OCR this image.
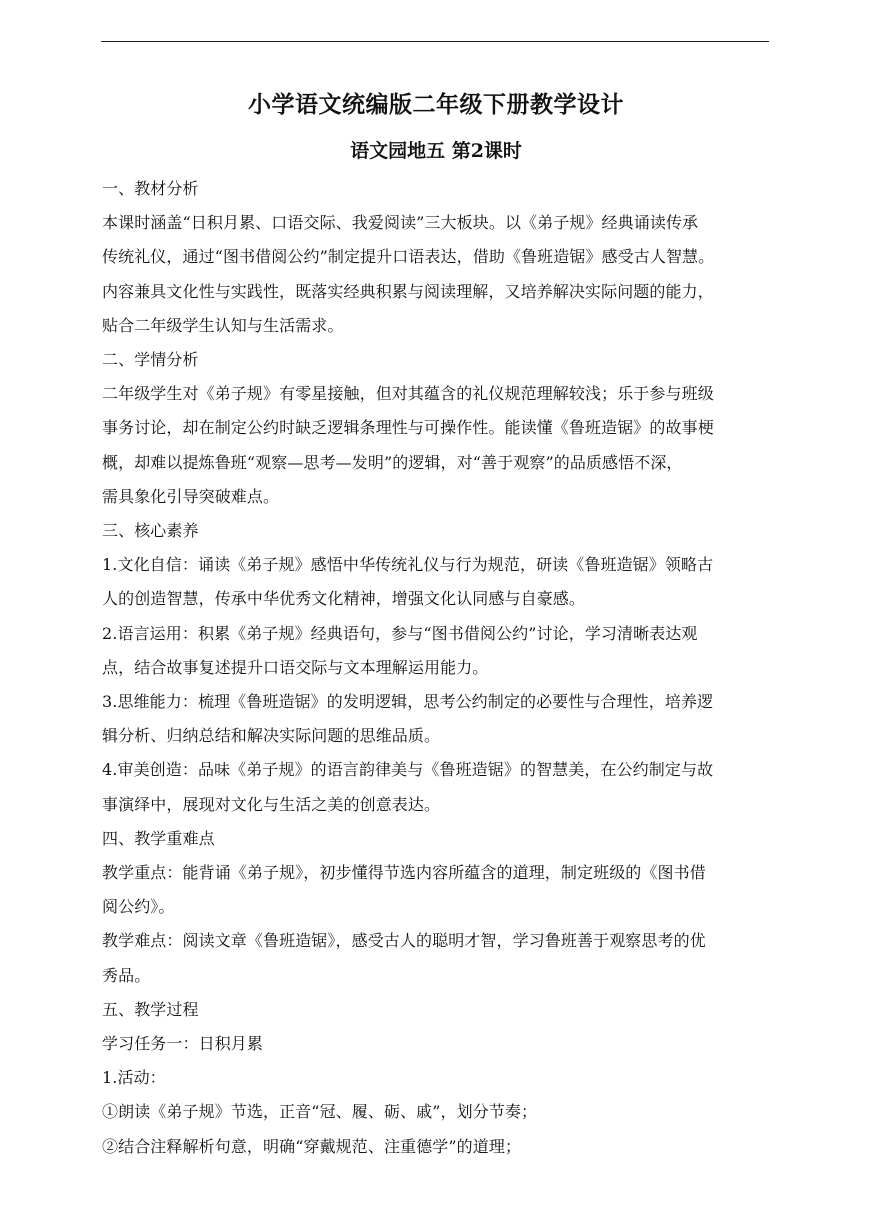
小学语文统编版二年级下册教学设计
语文园地五 第2课时

一、教材分析

本课时涵盖“日积月累、口语交际、我爱阅读”三大板块。以《弟子规》经典诵读传承

传统礼仪，通过“图书借阅公约”制定提升口语表达，借助《鲁班造锯》感受古人智慧。

内容兼具文化性与实践性，既落实经典积累与阅读理解，又培养解决实际问题的能力，

贴合二年级学生认知与生活需求。

二、学情分析

二年级学生对《弟子规》有零星接触，但对其蕴含的礼仪规范理解较浅；乐于参与班级

事务讨论，却在制定公约时缺乏逻辑条理性与可操作性。能读懂《鲁班造锯》的故事梗

概，却难以提炼鲁班“观察—思考—发明”的逻辑，对“善于观察”的品质感悟不深，

需具象化引导突破难点。

三、核心素养

1.文化自信：诵读《弟子规》感悟中华传统礼仪与行为规范，研读《鲁班造锯》领略古

人的创造智慧，传承中华优秀文化精神，增强文化认同感与自豪感。

2.语言运用：积累《弟子规》经典语句，参与“图书借阅公约”讨论，学习清晰表达观

点，结合故事复述提升口语交际与文本理解运用能力。

3.思维能力：梳理《鲁班造锯》的发明逻辑，思考公约制定的必要性与合理性，培养逻

辑分析、归纳总结和解决实际问题的思维品质。

4.审美创造：品味《弟子规》的语言韵律美与《鲁班造锯》的智慧美，在公约制定与故

事演绎中，展现对文化与生活之美的创意表达。

四、教学重难点

教学重点：能背诵《弟子规》，初步懂得节选内容所蕴含的道理，制定班级的《图书借

阅公约》。

教学难点：阅读文章《鲁班造锯》，感受古人的聪明才智，学习鲁班善于观察思考的优

秀品。

五、教学过程

学习任务一：日积月累

1.活动：

①朗读《弟子规》节选，正音“冠、履、砺、戚”，划分节奏；

②结合注释解析句意，明确“穿戴规范、注重德学”的道理；
